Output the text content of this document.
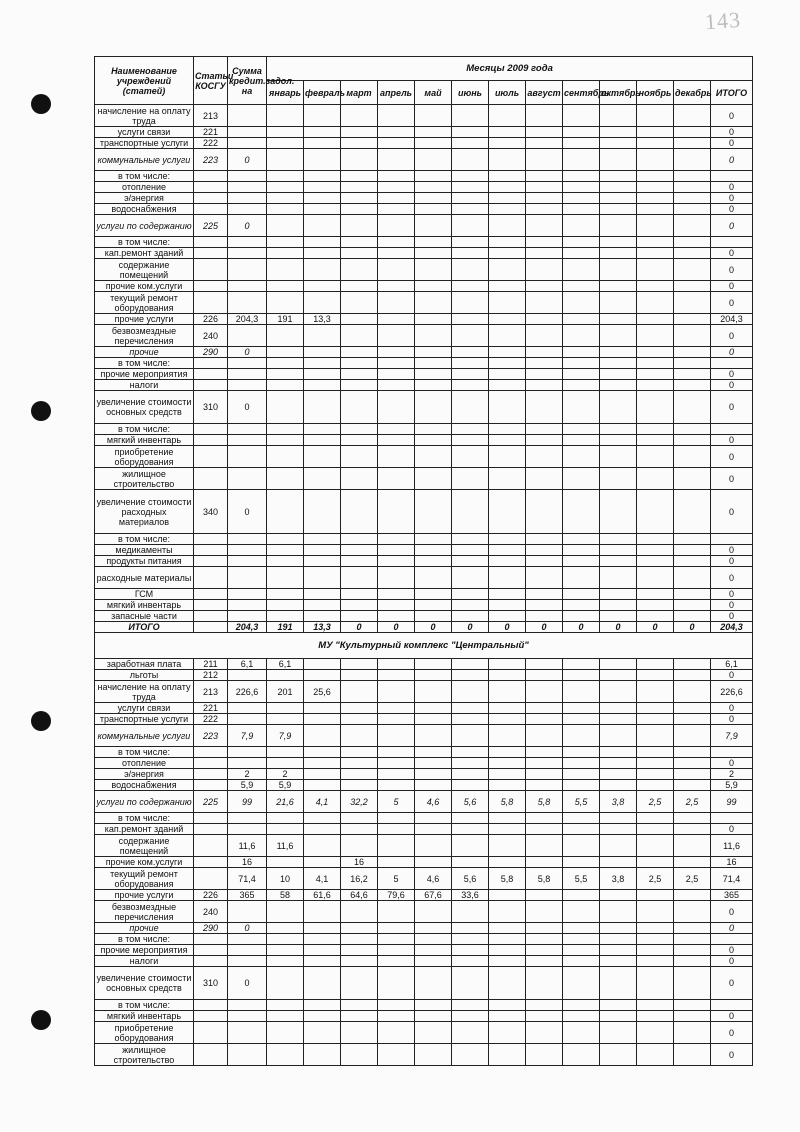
143
Наименование учреждений (статей)	Статьи КОСГУ	Сумма кредит.задол. на	Месяцы 2009 года												
			январь	февраль	март	апрель	май	июнь	июль	август	сентябрь	октябрь	ноябрь	декабрь	ИТОГО
начисление на оплату труда	213														0
услуги связи	221														0
транспортные услуги	222														0
коммунальные услуги	223	0													0
в том числе:															
отопление															0
э/энергия															0
водоснабжения															0
услуги по содержанию	225	0													0
в том числе:															
кап.ремонт зданий															0
содержание помещений															0
прочие ком.услуги															0
текущий ремонт оборудования															0
прочие услуги	226	204,3	191	13,3											204,3
безвозмездные перечисления	240														0
прочие	290	0													0
в том числе:															
прочие мероприятия															0
налоги															0
увеличение стоимости основных средств	310	0													0
в том числе:															
мягкий инвентарь															0
приобретение оборудования															0
жилищное строительство															0
увеличение стоимости расходных материалов	340	0													0
в том числе:															
медикаменты															0
продукты питания															0
расходные материалы															0
ГСМ															0
мягкий инвентарь															0
запасные части															0
ИТОГО		204,3	191	13,3	0	0	0	0	0	0	0	0	0	0	204,3
МУ "Культурный комплекс "Центральный"															
заработная плата	211	6,1	6,1												6,1
льготы	212														0
начисление на оплату труда	213	226,6	201	25,6											226,6
услуги связи	221														0
транспортные услуги	222														0
коммунальные услуги	223	7,9	7,9												7,9
в том числе:															
отопление															0
э/энергия		2	2												2
водоснабжения		5,9	5,9												5,9
услуги по содержанию	225	99	21,6	4,1	32,2	5	4,6	5,6	5,8	5,8	5,5	3,8	2,5	2,5	99
в том числе:															
кап.ремонт зданий															0
содержание помещений		11,6	11,6												11,6
прочие ком.услуги		16			16										16
текущий ремонт оборудования		71,4	10	4,1	16,2	5	4,6	5,6	5,8	5,8	5,5	3,8	2,5	2,5	71,4
прочие услуги	226	365	58	61,6	64,6	79,6	67,6	33,6							365
безвозмездные перечисления	240														0
прочие	290	0													0
в том числе:															
прочие мероприятия															0
налоги															0
увеличение стоимости основных средств	310	0													0
в том числе:															
мягкий инвентарь															0
приобретение оборудования															0
жилищное строительство															0
